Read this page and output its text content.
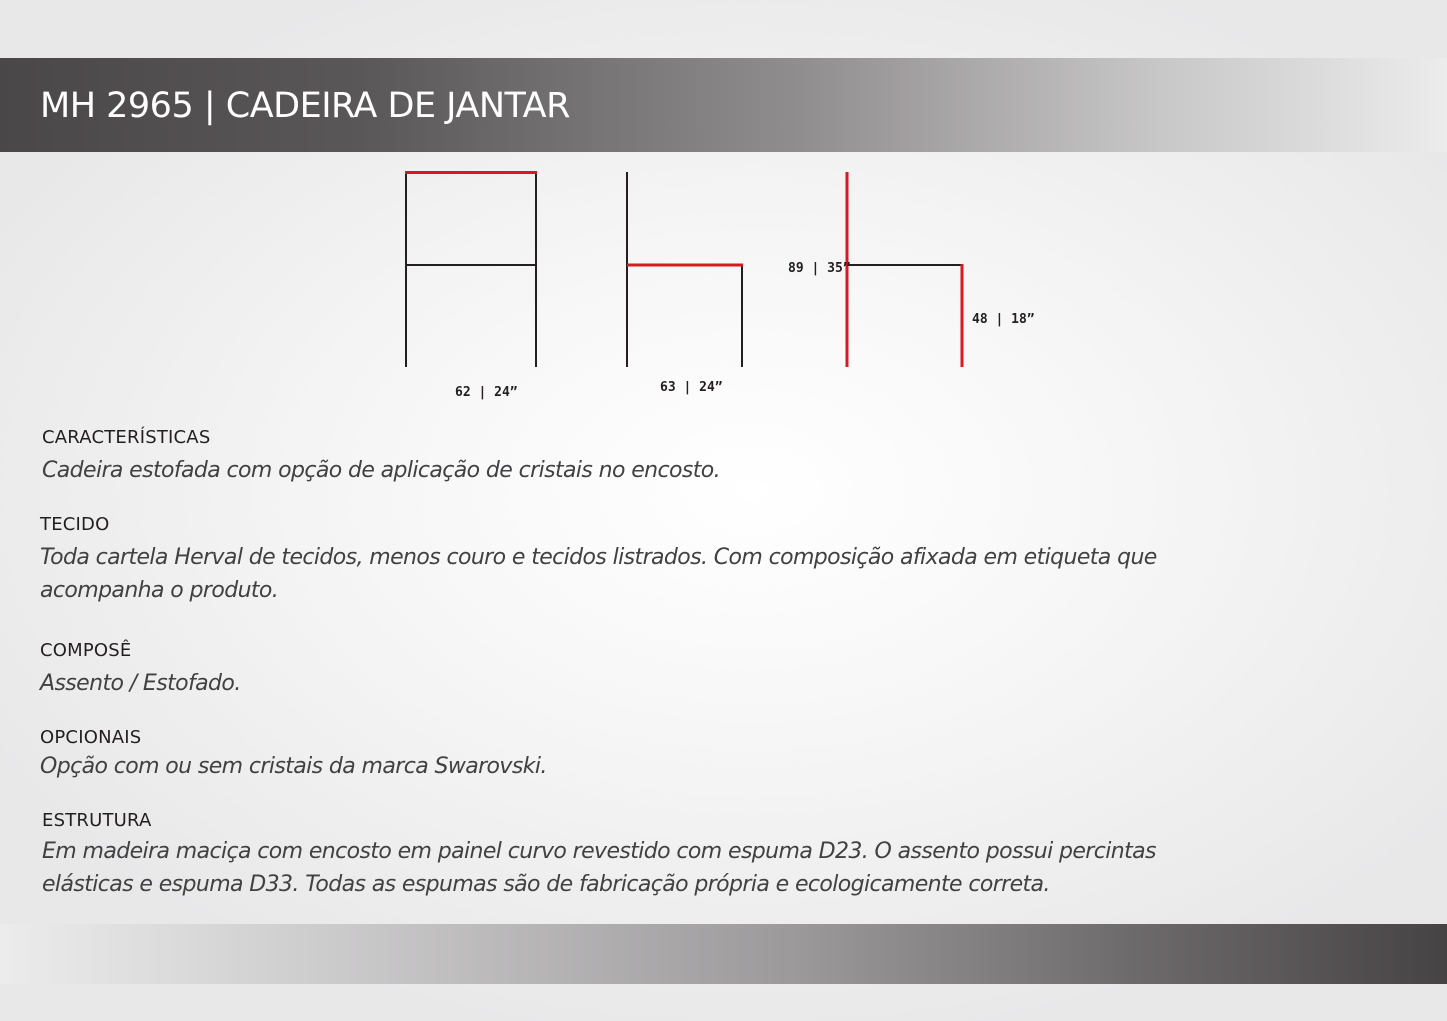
MH 2965 | CADEIRA DE JANTAR
62 | 24”	63 | 24”
89 | 35”
48 | 18”
CARACTERÍSTICAS

Cadeira estofada com opção de aplicação de cristais no encosto.

TECIDO

Toda cartela Herval de tecidos, menos couro e tecidos listrados. Com composição afixada em etiqueta que

acompanha o produto.

COMPOSÊ

Assento / Estofado.

OPCIONAIS

Opção com ou sem cristais da marca Swarovski.

ESTRUTURA

Em madeira maciça com encosto em painel curvo revestido com espuma D23. O assento possui percintas

elásticas e espuma D33. Todas as espumas são de fabricação própria e ecologicamente correta.
